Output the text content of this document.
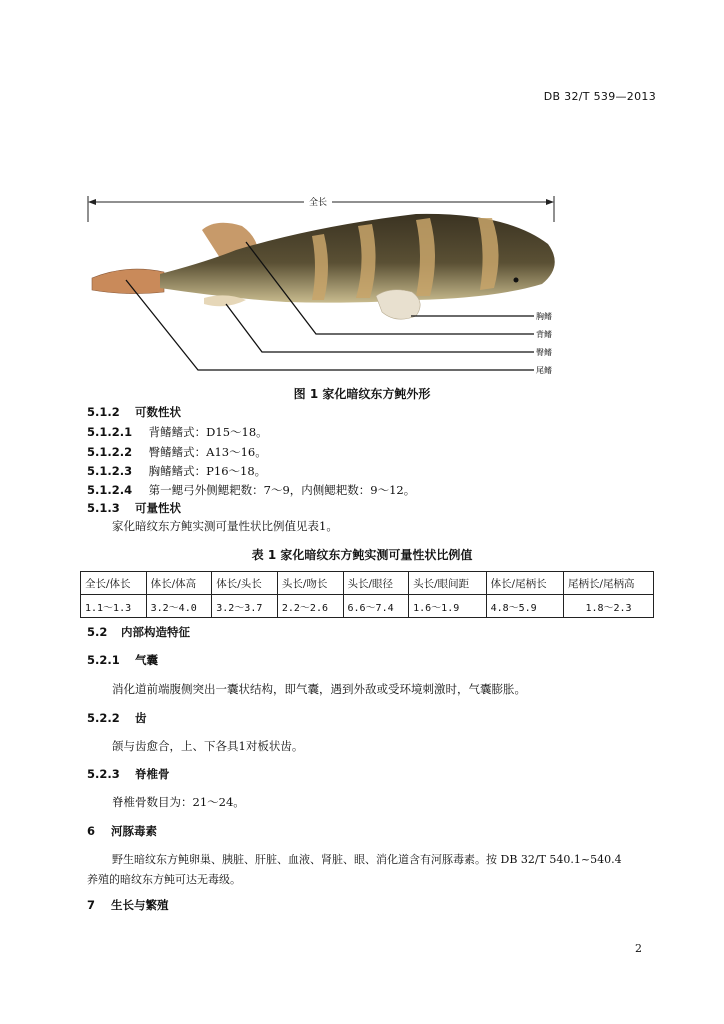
DB 32/T 539—2013
全长
胸鳍
背鳍
臀鳍
尾鳍
图 1 家化暗纹东方鲀外形
5.1.2 可数性状
5.1.2.1 背鳍鳍式：D15～18。
5.1.2.2 臀鳍鳍式：A13～16。
5.1.2.3 胸鳍鳍式：P16～18。
5.1.2.4 第一鳃弓外侧鳃耙数：7～9，内侧鳃耙数：9～12。
5.1.3 可量性状
家化暗纹东方鲀实测可量性状比例值见表1。
表 1 家化暗纹东方鲀实测可量性状比例值
全长/体长	体长/体高	体长/头长	头长/吻长	头长/眼径	头长/眼间距	体长/尾柄长	尾柄长/尾柄高
1.1～1.3	3.2～4.0	3.2～3.7	2.2～2.6	6.6～7.4	1.6～1.9	4.8～5.9	1.8～2.3
5.2 内部构造特征
5.2.1 气囊
消化道前端腹侧突出一囊状结构，即气囊，遇到外敌或受环境刺激时，气囊膨胀。
5.2.2 齿
颌与齿愈合，上、下各具1对板状齿。
5.2.3 脊椎骨
脊椎骨数目为：21～24。
6 河豚毒素
野生暗纹东方鲀卵巢、胰脏、肝脏、血液、肾脏、眼、消化道含有河豚毒素。按 DB 32/T 540.1~540.4
养殖的暗纹东方鲀可达无毒级。
7 生长与繁殖
2
